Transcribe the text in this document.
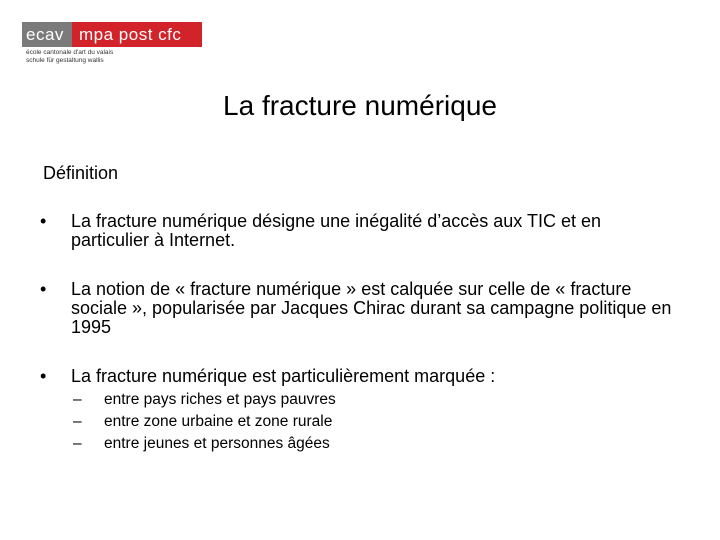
ecav mpa post cfc
école cantonale d'art du valais
schule für gestaltung wallis
La fracture numérique
Définition
• La fracture numérique désigne une inégalité d’accès aux TIC et en particulier à Internet.
• La notion de « fracture numérique » est calquée sur celle de « fracture sociale », popularisée par Jacques Chirac durant sa campagne politique en 1995
• La fracture numérique est particulièrement marquée :
– entre pays riches et pays pauvres
– entre zone urbaine et zone rurale
– entre jeunes et personnes âgées
